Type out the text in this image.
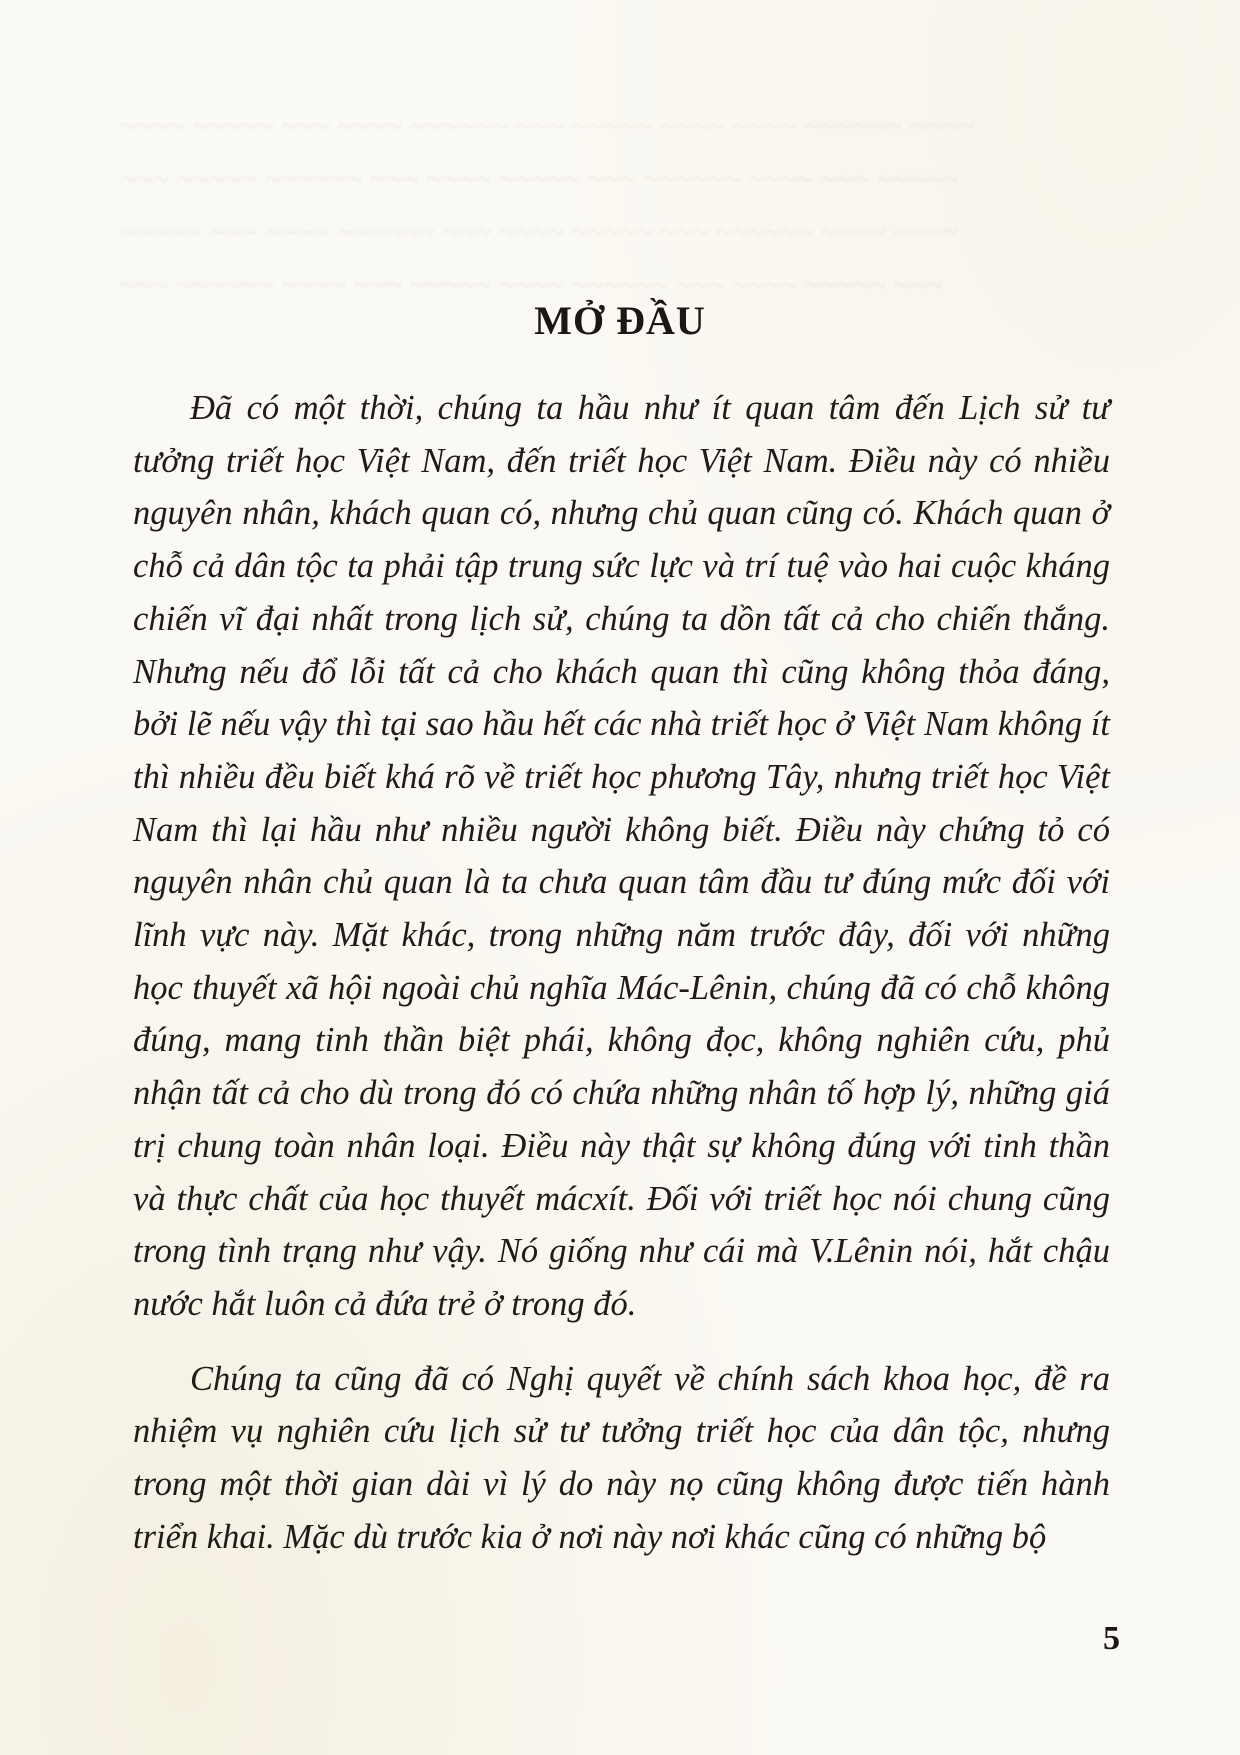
~~~~ ~~~~~ ~~~ ~~~~ ~~~~~~ ~~~ ~~~~~ ~~~~ ~~~~ ~~~~~~ ~~~~
~~~ ~~~~~ ~~~~~~ ~~~ ~~~~ ~~~~~ ~~~ ~~~~~~ ~~~~ ~~~ ~~~~~
~~~~~ ~~~ ~~~~ ~~~~~~ ~~~ ~~~~ ~~~~~ ~~~ ~~~~~~ ~~~~ ~~~~
~~~ ~~~~~~ ~~~~ ~~~ ~~~~~ ~~~~ ~~~~~~ ~~~ ~~~~ ~~~~~ ~~~
MỞ ĐẦU

Đã có một thời, chúng ta hầu như ít quan tâm đến Lịch sử tư tưởng triết học Việt Nam, đến triết học Việt Nam. Điều này có nhiều nguyên nhân, khách quan có, nhưng chủ quan cũng có. Khách quan ở chỗ cả dân tộc ta phải tập trung sức lực và trí tuệ vào hai cuộc kháng chiến vĩ đại nhất trong lịch sử, chúng ta dồn tất cả cho chiến thắng. Nhưng nếu đổ lỗi tất cả cho khách quan thì cũng không thỏa đáng, bởi lẽ nếu vậy thì tại sao hầu hết các nhà triết học ở Việt Nam không ít thì nhiều đều biết khá rõ về triết học phương Tây, nhưng triết học Việt Nam thì lại hầu như nhiều người không biết. Điều này chứng tỏ có nguyên nhân chủ quan là ta chưa quan tâm đầu tư đúng mức đối với lĩnh vực này. Mặt khác, trong những năm trước đây, đối với những học thuyết xã hội ngoài chủ nghĩa Mác-Lênin, chúng đã có chỗ không đúng, mang tinh thần biệt phái, không đọc, không nghiên cứu, phủ nhận tất cả cho dù trong đó có chứa những nhân tố hợp lý, những giá trị chung toàn nhân loại. Điều này thật sự không đúng với tinh thần và thực chất của học thuyết mácxít. Đối với triết học nói chung cũng trong tình trạng như vậy. Nó giống như cái mà V.Lênin nói, hắt chậu nước hắt luôn cả đứa trẻ ở trong đó.

Chúng ta cũng đã có Nghị quyết về chính sách khoa học, đề ra nhiệm vụ nghiên cứu lịch sử tư tưởng triết học của dân tộc, nhưng trong một thời gian dài vì lý do này nọ cũng không được tiến hành triển khai. Mặc dù trước kia ở nơi này nơi khác cũng có những bộ

5
